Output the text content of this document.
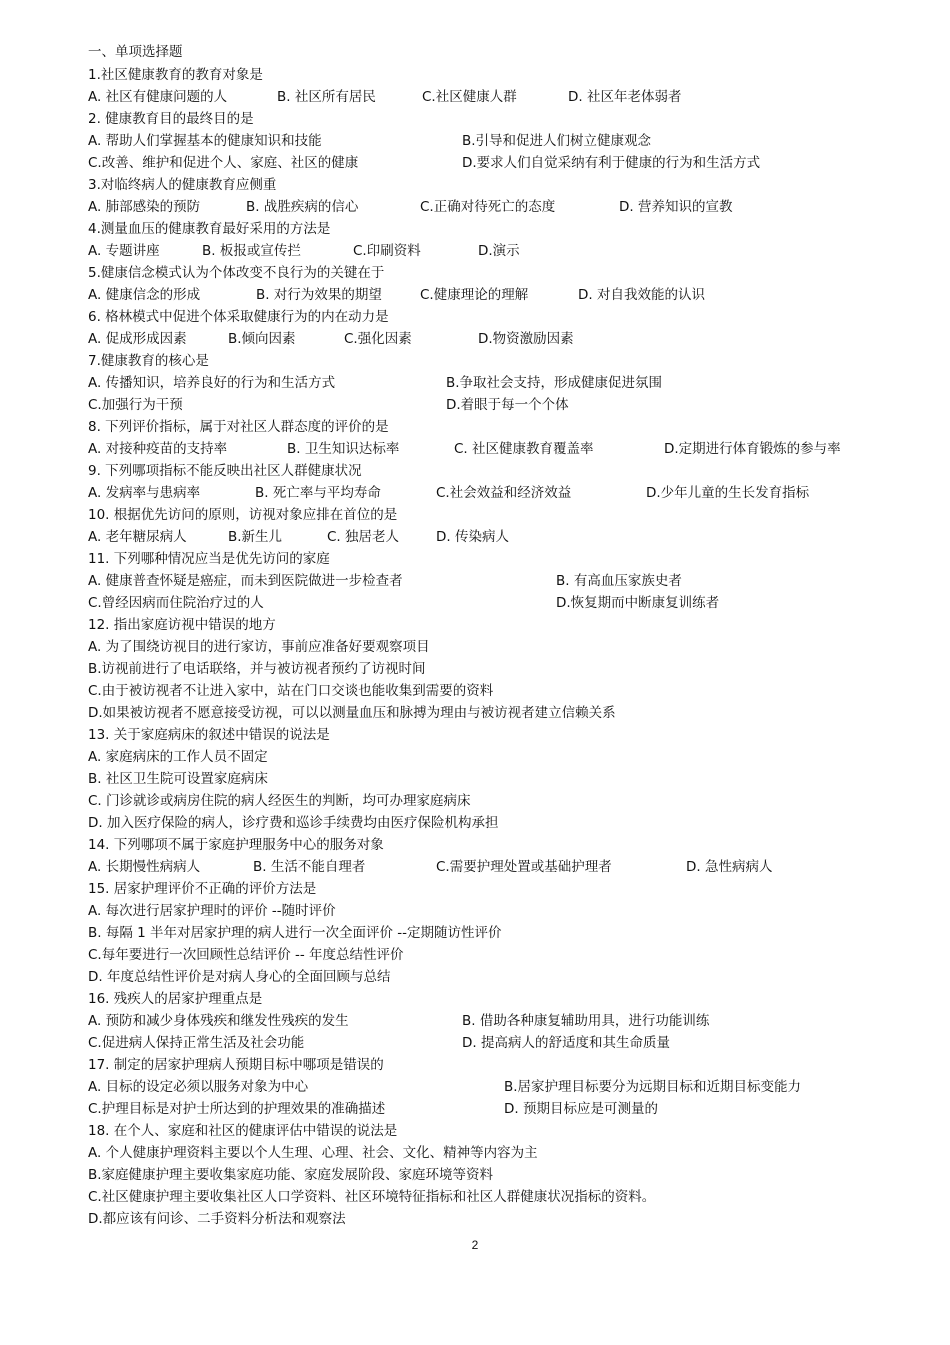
一、单项选择题
1.社区健康教育的教育对象是
A. 社区有健康问题的人	B. 社区所有居民	C.社区健康人群	D. 社区年老体弱者
2. 健康教育目的最终目的是
A. 帮助人们掌握基本的健康知识和技能	B.引导和促进人们树立健康观念
C.改善、维护和促进个人、家庭、社区的健康	D.要求人们自觉采纳有利于健康的行为和生活方式
3.对临终病人的健康教育应侧重
A. 肺部感染的预防	B. 战胜疾病的信心	C.正确对待死亡的态度	D. 营养知识的宣教
4.测量血压的健康教育最好采用的方法是
A. 专题讲座	B. 板报或宣传拦	C.印刷资料	D.演示
5.健康信念模式认为个体改变不良行为的关键在于
A. 健康信念的形成	B. 对行为效果的期望	C.健康理论的理解	D. 对自我效能的认识
6. 格林模式中促进个体采取健康行为的内在动力是
A. 促成形成因素	B.倾向因素	C.强化因素	D.物资激励因素
7.健康教育的核心是
A. 传播知识，培养良好的行为和生活方式	B.争取社会支持，形成健康促进氛围
C.加强行为干预	D.着眼于每一个个体
8. 下列评价指标，属于对社区人群态度的评价的是
A. 对接种疫苗的支持率	B. 卫生知识达标率	C. 社区健康教育覆盖率	D.定期进行体育锻炼的参与率
9. 下列哪项指标不能反映出社区人群健康状况
A. 发病率与患病率	B. 死亡率与平均寿命	C.社会效益和经济效益	D.少年儿童的生长发育指标
10. 根据优先访问的原则，访视对象应排在首位的是
A. 老年糖尿病人	B.新生儿	C. 独居老人	D. 传染病人
11. 下列哪种情况应当是优先访问的家庭
A. 健康普查怀疑是癌症，而未到医院做进一步检查者	B. 有高血压家族史者
C.曾经因病而住院治疗过的人	D.恢复期而中断康复训练者
12. 指出家庭访视中错误的地方
A. 为了围绕访视目的进行家访，事前应准备好要观察项目
B.访视前进行了电话联络，并与被访视者预约了访视时间
C.由于被访视者不让进入家中，站在门口交谈也能收集到需要的资料
D.如果被访视者不愿意接受访视，可以以测量血压和脉搏为理由与被访视者建立信赖关系
13. 关于家庭病床的叙述中错误的说法是
A. 家庭病床的工作人员不固定
B. 社区卫生院可设置家庭病床
C. 门诊就诊或病房住院的病人经医生的判断，均可办理家庭病床
D. 加入医疗保险的病人，诊疗费和巡诊手续费均由医疗保险机构承担
14. 下列哪项不属于家庭护理服务中心的服务对象
A. 长期慢性病病人	B. 生活不能自理者	C.需要护理处置或基础护理者	D. 急性病病人
15. 居家护理评价不正确的评价方法是
A. 每次进行居家护理时的评价 --随时评价
B. 每隔 1 半年对居家护理的病人进行一次全面评价 --定期随访性评价
C.每年要进行一次回顾性总结评价 -- 年度总结性评价
D. 年度总结性评价是对病人身心的全面回顾与总结
16. 残疾人的居家护理重点是
A. 预防和减少身体残疾和继发性残疾的发生	B. 借助各种康复辅助用具，进行功能训练
C.促进病人保持正常生活及社会功能	D. 提高病人的舒适度和其生命质量
17. 制定的居家护理病人预期目标中哪项是错误的
A. 目标的设定必须以服务对象为中心	B.居家护理目标要分为远期目标和近期目标变能力
C.护理目标是对护士所达到的护理效果的准确描述	D. 预期目标应是可测量的
18. 在个人、家庭和社区的健康评估中错误的说法是
A. 个人健康护理资料主要以个人生理、心理、社会、文化、精神等内容为主
B.家庭健康护理主要收集家庭功能、家庭发展阶段、家庭环境等资料
C.社区健康护理主要收集社区人口学资料、社区环境特征指标和社区人群健康状况指标的资料。
D.都应该有问诊、二手资料分析法和观察法
2
